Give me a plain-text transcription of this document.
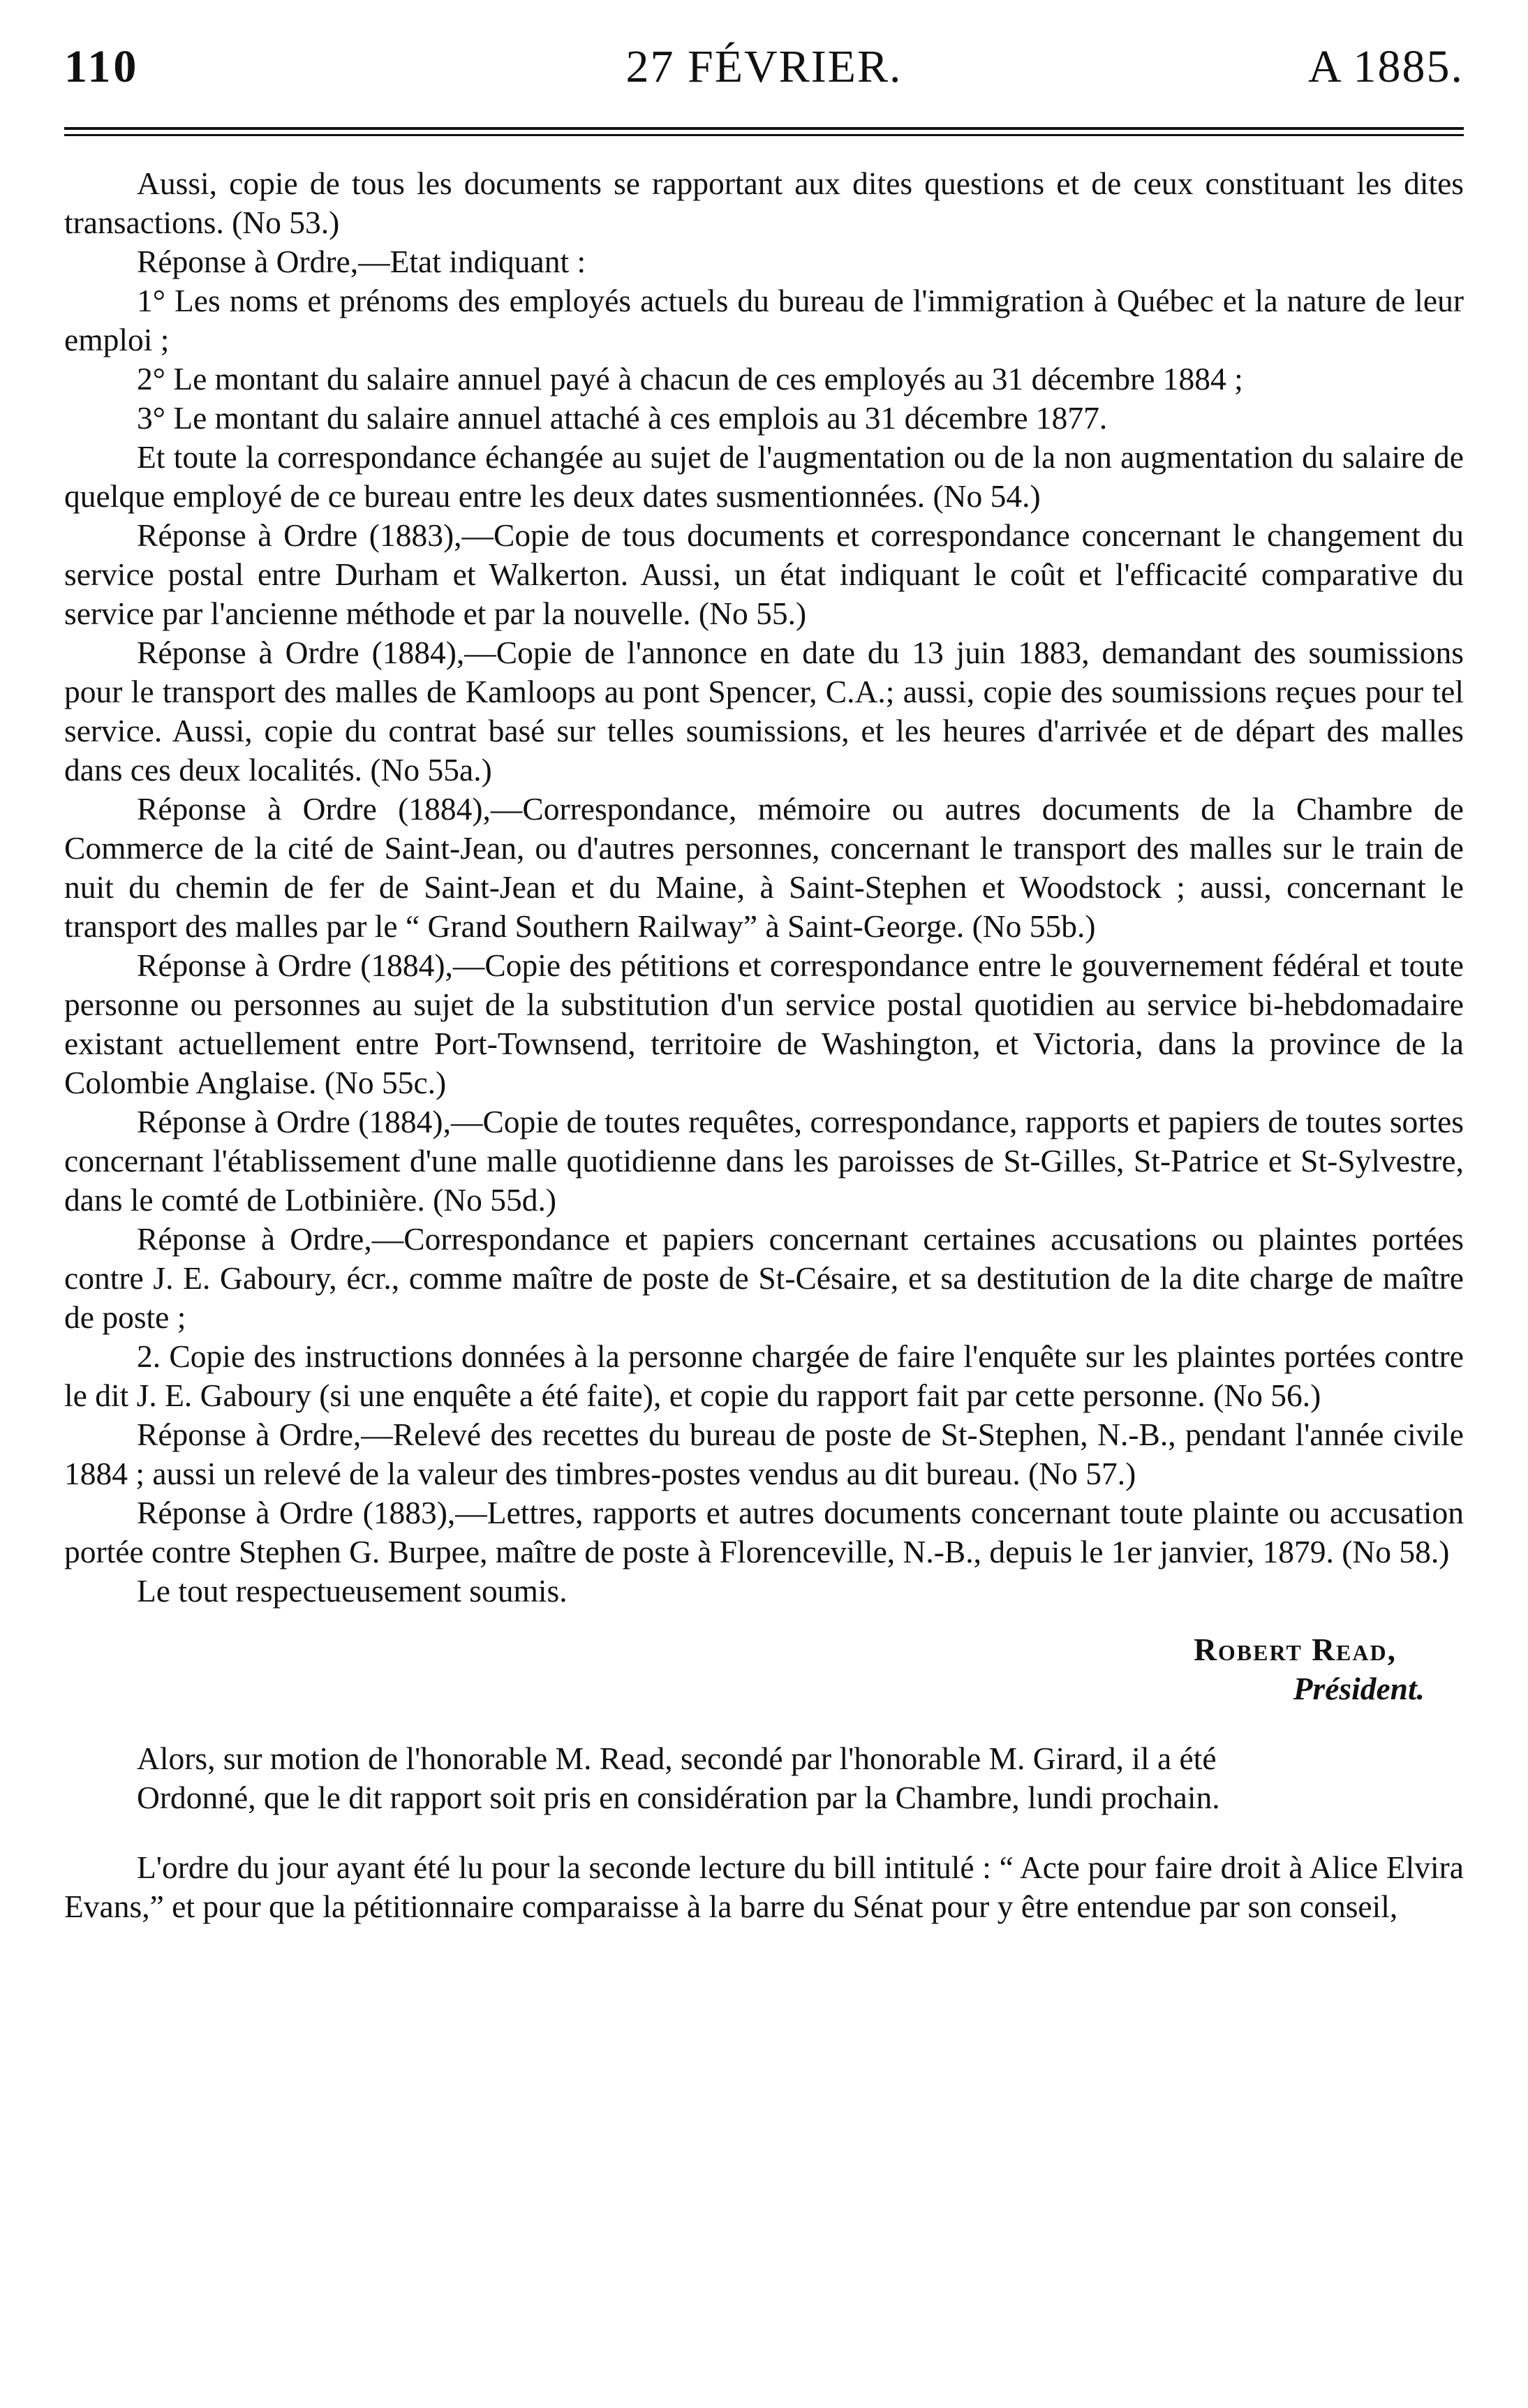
110	27 FÉVRIER.	A 1885.

Aussi, copie de tous les documents se rapportant aux dites questions et de ceux constituant les dites transactions. (No 53.)

Réponse à Ordre,—Etat indiquant :

1° Les noms et prénoms des employés actuels du bureau de l'immigration à Québec et la nature de leur emploi ;

2° Le montant du salaire annuel payé à chacun de ces employés au 31 décembre 1884 ;

3° Le montant du salaire annuel attaché à ces emplois au 31 décembre 1877.

Et toute la correspondance échangée au sujet de l'augmentation ou de la non augmentation du salaire de quelque employé de ce bureau entre les deux dates susmentionnées. (No 54.)

Réponse à Ordre (1883),—Copie de tous documents et correspondance concernant le changement du service postal entre Durham et Walkerton. Aussi, un état indiquant le coût et l'efficacité comparative du service par l'ancienne méthode et par la nouvelle. (No 55.)

Réponse à Ordre (1884),—Copie de l'annonce en date du 13 juin 1883, demandant des soumissions pour le transport des malles de Kamloops au pont Spencer, C.A.; aussi, copie des soumissions reçues pour tel service. Aussi, copie du contrat basé sur telles soumissions, et les heures d'arrivée et de départ des malles dans ces deux localités. (No 55a.)

Réponse à Ordre (1884),—Correspondance, mémoire ou autres documents de la Chambre de Commerce de la cité de Saint-Jean, ou d'autres personnes, concernant le transport des malles sur le train de nuit du chemin de fer de Saint-Jean et du Maine, à Saint-Stephen et Woodstock ; aussi, concernant le transport des malles par le “ Grand Southern Railway” à Saint-George. (No 55b.)

Réponse à Ordre (1884),—Copie des pétitions et correspondance entre le gouvernement fédéral et toute personne ou personnes au sujet de la substitution d'un service postal quotidien au service bi-hebdomadaire existant actuellement entre Port-Townsend, territoire de Washington, et Victoria, dans la province de la Colombie Anglaise. (No 55c.)

Réponse à Ordre (1884),—Copie de toutes requêtes, correspondance, rapports et papiers de toutes sortes concernant l'établissement d'une malle quotidienne dans les paroisses de St-Gilles, St-Patrice et St-Sylvestre, dans le comté de Lotbinière. (No 55d.)

Réponse à Ordre,—Correspondance et papiers concernant certaines accusations ou plaintes portées contre J. E. Gaboury, écr., comme maître de poste de St-Césaire, et sa destitution de la dite charge de maître de poste ;

2. Copie des instructions données à la personne chargée de faire l'enquête sur les plaintes portées contre le dit J. E. Gaboury (si une enquête a été faite), et copie du rapport fait par cette personne. (No 56.)

Réponse à Ordre,—Relevé des recettes du bureau de poste de St-Stephen, N.-B., pendant l'année civile 1884 ; aussi un relevé de la valeur des timbres-postes vendus au dit bureau. (No 57.)

Réponse à Ordre (1883),—Lettres, rapports et autres documents concernant toute plainte ou accusation portée contre Stephen G. Burpee, maître de poste à Florenceville, N.-B., depuis le 1er janvier, 1879. (No 58.)

Le tout respectueusement soumis.

Robert Read,
Président.

Alors, sur motion de l'honorable M. Read, secondé par l'honorable M. Girard, il a été

Ordonné, que le dit rapport soit pris en considération par la Chambre, lundi prochain.

L'ordre du jour ayant été lu pour la seconde lecture du bill intitulé : “ Acte pour faire droit à Alice Elvira Evans,” et pour que la pétitionnaire comparaisse à la barre du Sénat pour y être entendue par son conseil,
